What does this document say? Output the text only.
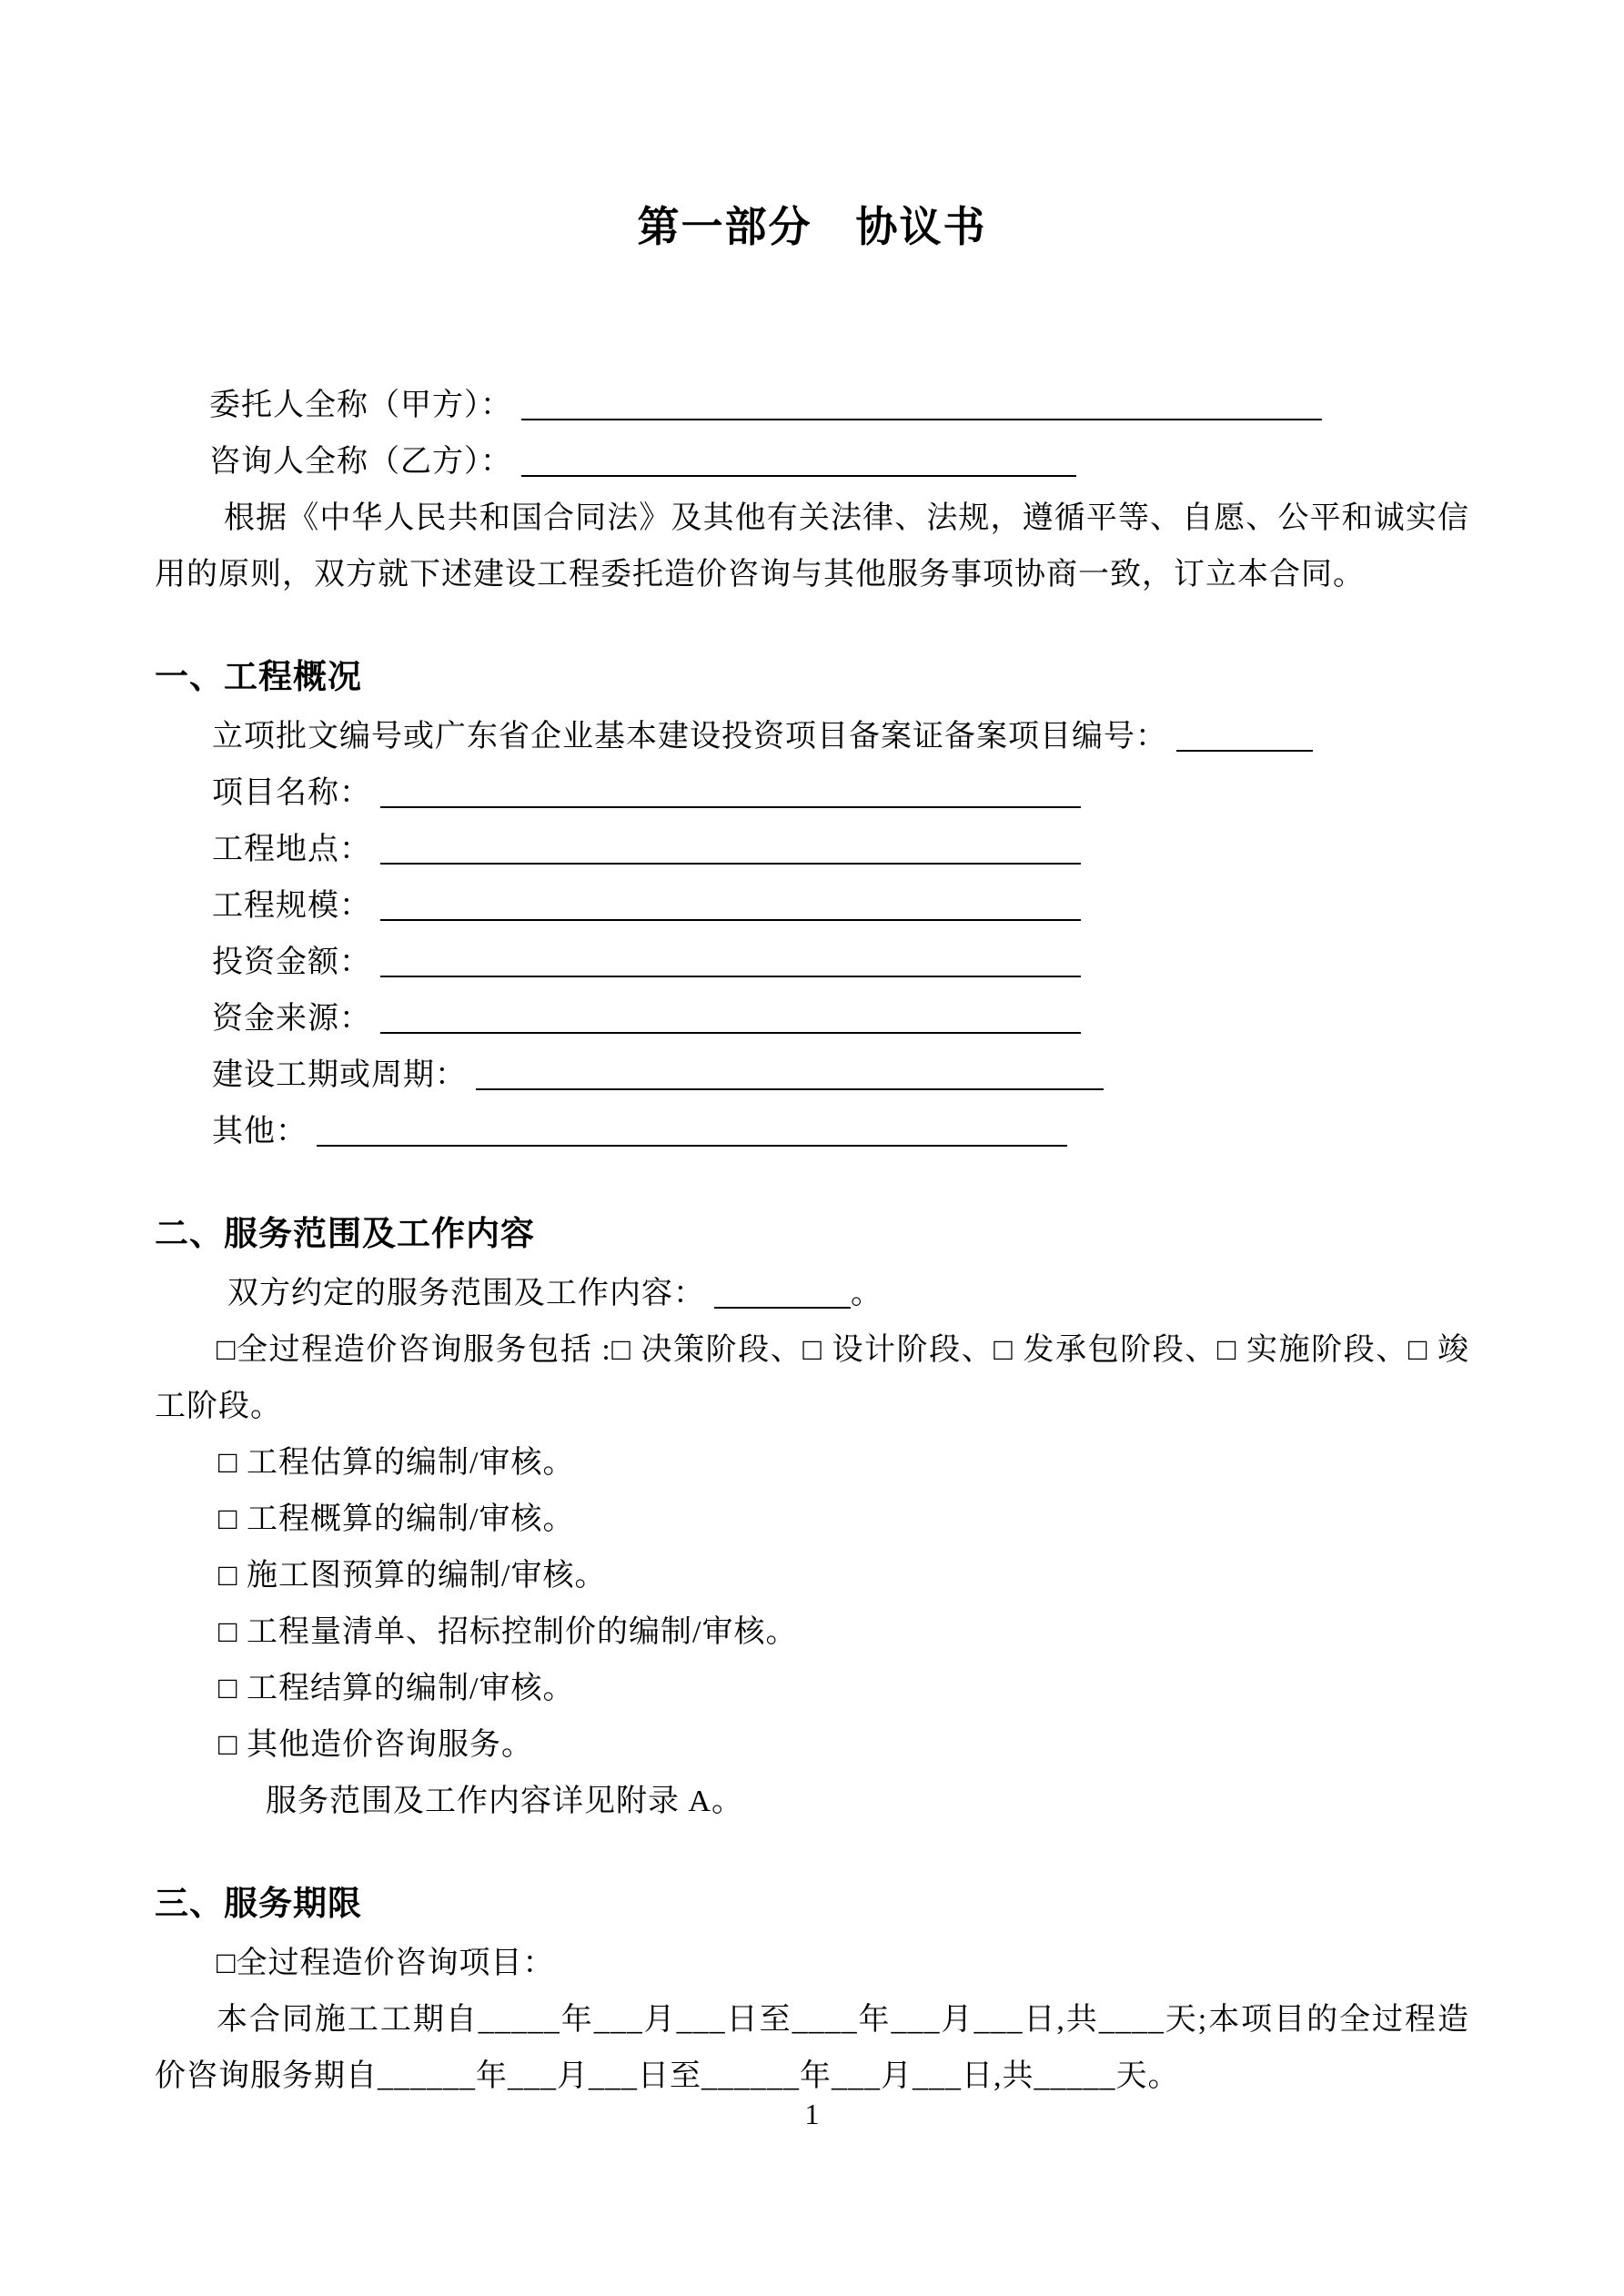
第一部分　协议书
委托人全称（甲方）：
咨询人全称（乙方）：

根据《中华人民共和国合同法》及其他有关法律、法规，遵循平等、自愿、公平和诚实信用的原则，双方就下述建设工程委托造价咨询与其他服务事项协商一致，订立本合同。

一、工程概况
立项批文编号或广东省企业基本建设投资项目备案证备案项目编号：
项目名称：
工程地点：
工程规模：
投资金额：
资金来源：
建设工期或周期：
其他：
二、服务范围及工作内容
双方约定的服务范围及工作内容：	。

□全过程造价咨询服务包括 :□ 决策阶段、□ 设计阶段、□ 发承包阶段、□ 实施阶段、□ 竣工阶段。

□ 工程估算的编制/审核。
□ 工程概算的编制/审核。
□ 施工图预算的编制/审核。
□ 工程量清单、招标控制价的编制/审核。
□ 工程结算的编制/审核。
□ 其他造价咨询服务。
服务范围及工作内容详见附录 A。
三、服务期限
□全过程造价咨询项目：

本合同施工工期自_____年___月___日至____年___月___日,共____天;本项目的全过程造价咨询服务期自______年___月___日至______年___月___日,共_____天。

1
